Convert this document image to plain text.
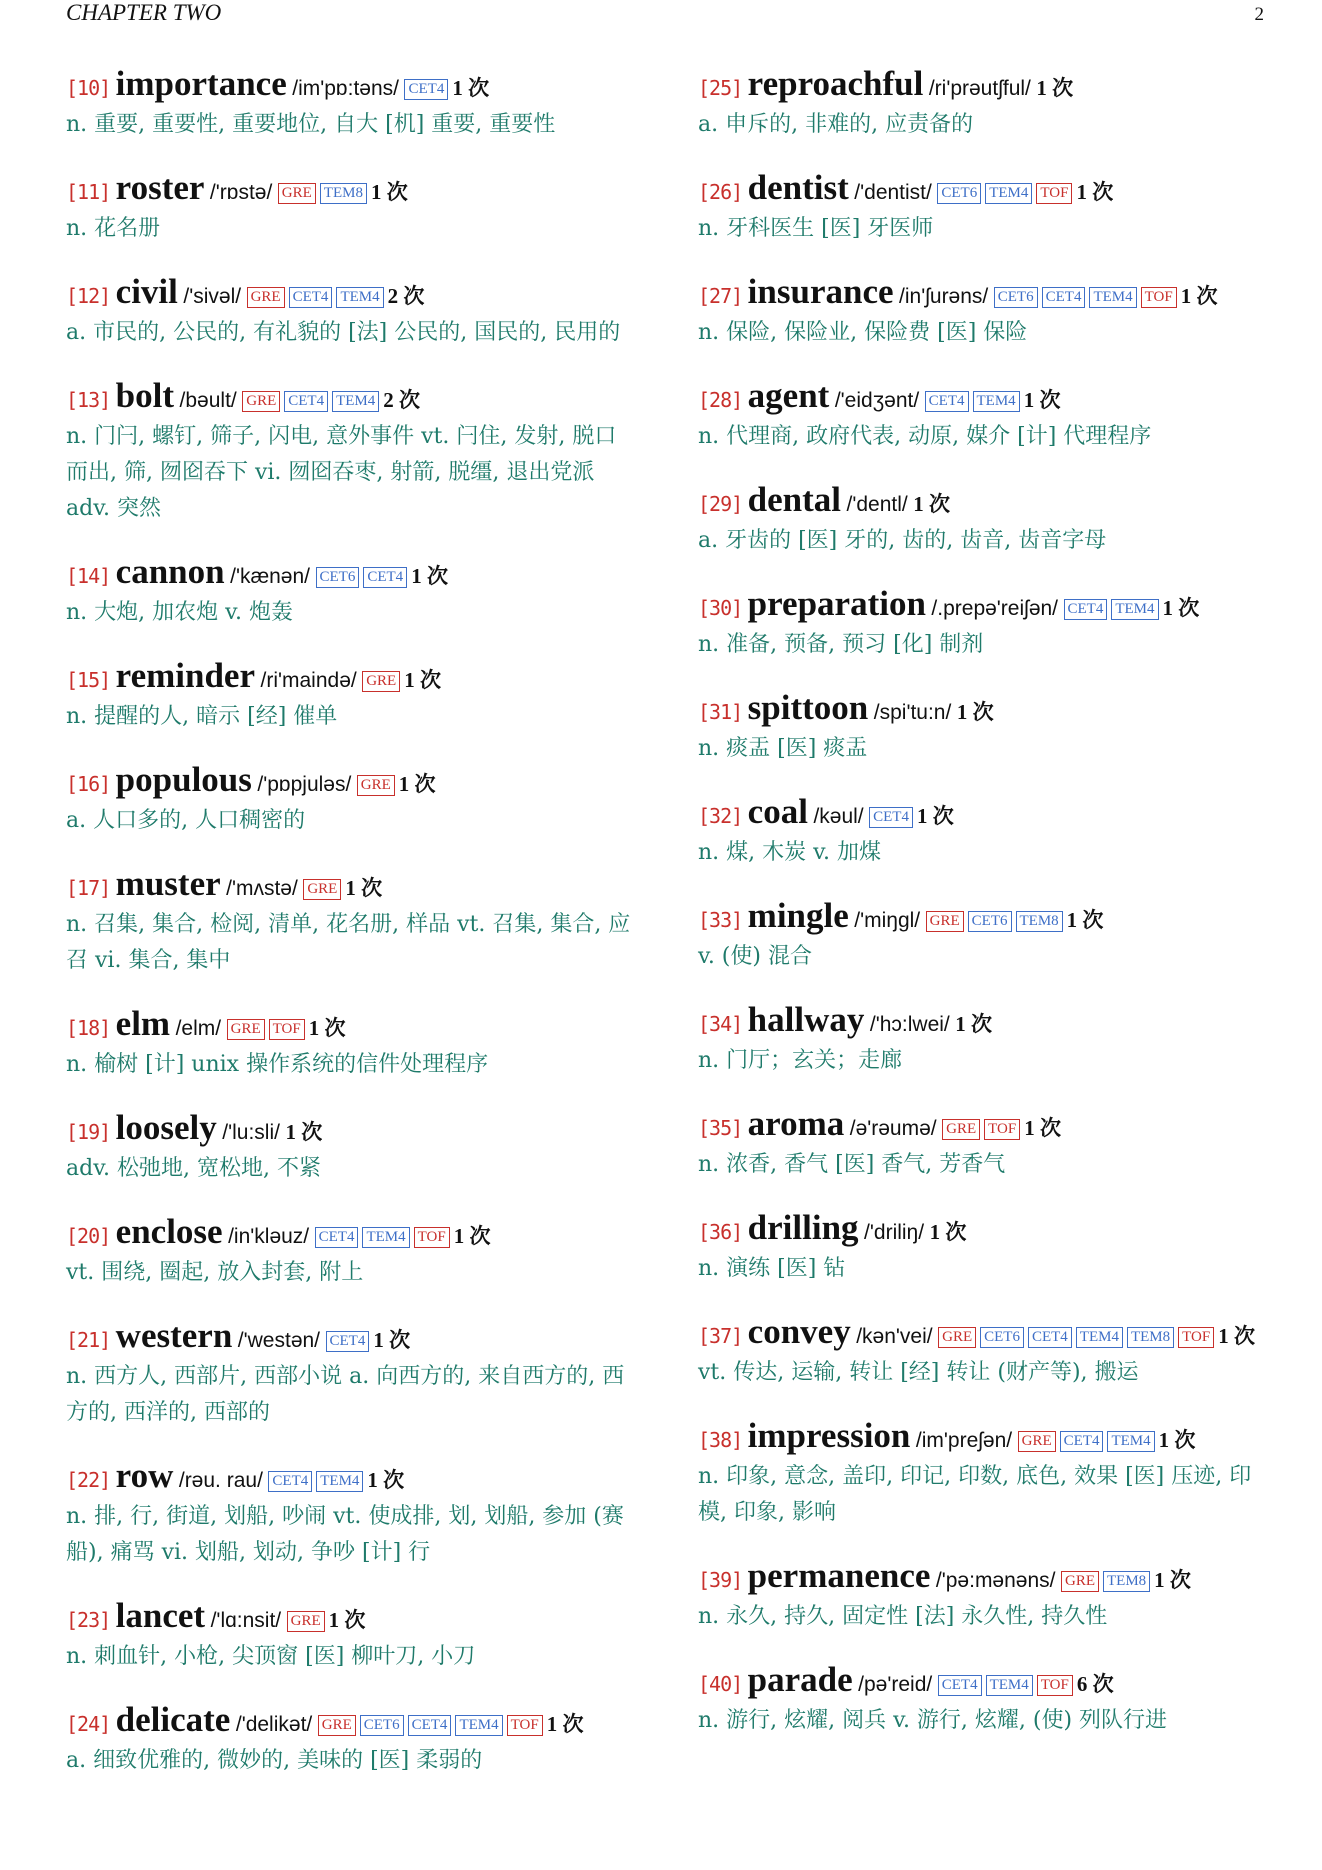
CHAPTER TWO	2
[10] importance /im'pɒ:təns/ CET4 1 次
n. 重要, 重要性, 重要地位, 自大 [机] 重要, 重要性
[11] roster /'rɒstə/ GRE TEM8 1 次
n. 花名册
[12] civil /'sivəl/ GRE CET4 TEM4 2 次
a. 市民的, 公民的, 有礼貌的 [法] 公民的, 国民的, 民用的
[13] bolt /bəult/ GRE CET4 TEM4 2 次
n. 门闩, 螺钉, 筛子, 闪电, 意外事件 vt. 闩住, 发射, 脱口而出, 筛, 囫囵吞下 vi. 囫囵吞枣, 射箭, 脱缰, 退出党派 adv. 突然
[14] cannon /'kænən/ CET6 CET4 1 次
n. 大炮, 加农炮 v. 炮轰
[15] reminder /ri'maində/ GRE 1 次
n. 提醒的人, 暗示 [经] 催单
[16] populous /'pɒpjuləs/ GRE 1 次
a. 人口多的, 人口稠密的
[17] muster /'mʌstə/ GRE 1 次
n. 召集, 集合, 检阅, 清单, 花名册, 样品 vt. 召集, 集合, 应召 vi. 集合, 集中
[18] elm /elm/ GRE TOF 1 次
n. 榆树 [计] unix 操作系统的信件处理程序
[19] loosely /'lu:sli/ 1 次
adv. 松弛地, 宽松地, 不紧
[20] enclose /in'kləuz/ CET4 TEM4 TOF 1 次
vt. 围绕, 圈起, 放入封套, 附上
[21] western /'westən/ CET4 1 次
n. 西方人, 西部片, 西部小说 a. 向西方的, 来自西方的, 西方的, 西洋的, 西部的
[22] row /rəu. rau/ CET4 TEM4 1 次
n. 排, 行, 街道, 划船, 吵闹 vt. 使成排, 划, 划船, 参加 (赛船), 痛骂 vi. 划船, 划动, 争吵 [计] 行
[23] lancet /'lɑ:nsit/ GRE 1 次
n. 刺血针, 小枪, 尖顶窗 [医] 柳叶刀, 小刀
[24] delicate /'delikət/ GRE CET6 CET4 TEM4 TOF 1 次
a. 细致优雅的, 微妙的, 美味的 [医] 柔弱的
[25] reproachful /ri'prəutʃful/ 1 次
a. 申斥的, 非难的, 应责备的
[26] dentist /'dentist/ CET6 TEM4 TOF 1 次
n. 牙科医生 [医] 牙医师
[27] insurance /in'ʃurəns/ CET6 CET4 TEM4 TOF 1 次
n. 保险, 保险业, 保险费 [医] 保险
[28] agent /'eidʒənt/ CET4 TEM4 1 次
n. 代理商, 政府代表, 动原, 媒介 [计] 代理程序
[29] dental /'dentl/ 1 次
a. 牙齿的 [医] 牙的, 齿的, 齿音, 齿音字母
[30] preparation /.prepə'reiʃən/ CET4 TEM4 1 次
n. 准备, 预备, 预习 [化] 制剂
[31] spittoon /spi'tu:n/ 1 次
n. 痰盂 [医] 痰盂
[32] coal /kəul/ CET4 1 次
n. 煤, 木炭 v. 加煤
[33] mingle /'miŋgl/ GRE CET6 TEM8 1 次
v. (使) 混合
[34] hallway /'hɔ:lwei/ 1 次
n. 门厅；玄关；走廊
[35] aroma /ə'rəumə/ GRE TOF 1 次
n. 浓香, 香气 [医] 香气, 芳香气
[36] drilling /'driliŋ/ 1 次
n. 演练 [医] 钻
[37] convey /kən'vei/ GRE CET6 CET4 TEM4 TEM8 TOF 1 次
vt. 传达, 运输, 转让 [经] 转让 (财产等), 搬运
[38] impression /im'preʃən/ GRE CET4 TEM4 1 次
n. 印象, 意念, 盖印, 印记, 印数, 底色, 效果 [医] 压迹, 印模, 印象, 影响
[39] permanence /'pə:mənəns/ GRE TEM8 1 次
n. 永久, 持久, 固定性 [法] 永久性, 持久性
[40] parade /pə'reid/ CET4 TEM4 TOF 6 次
n. 游行, 炫耀, 阅兵 v. 游行, 炫耀, (使) 列队行进
